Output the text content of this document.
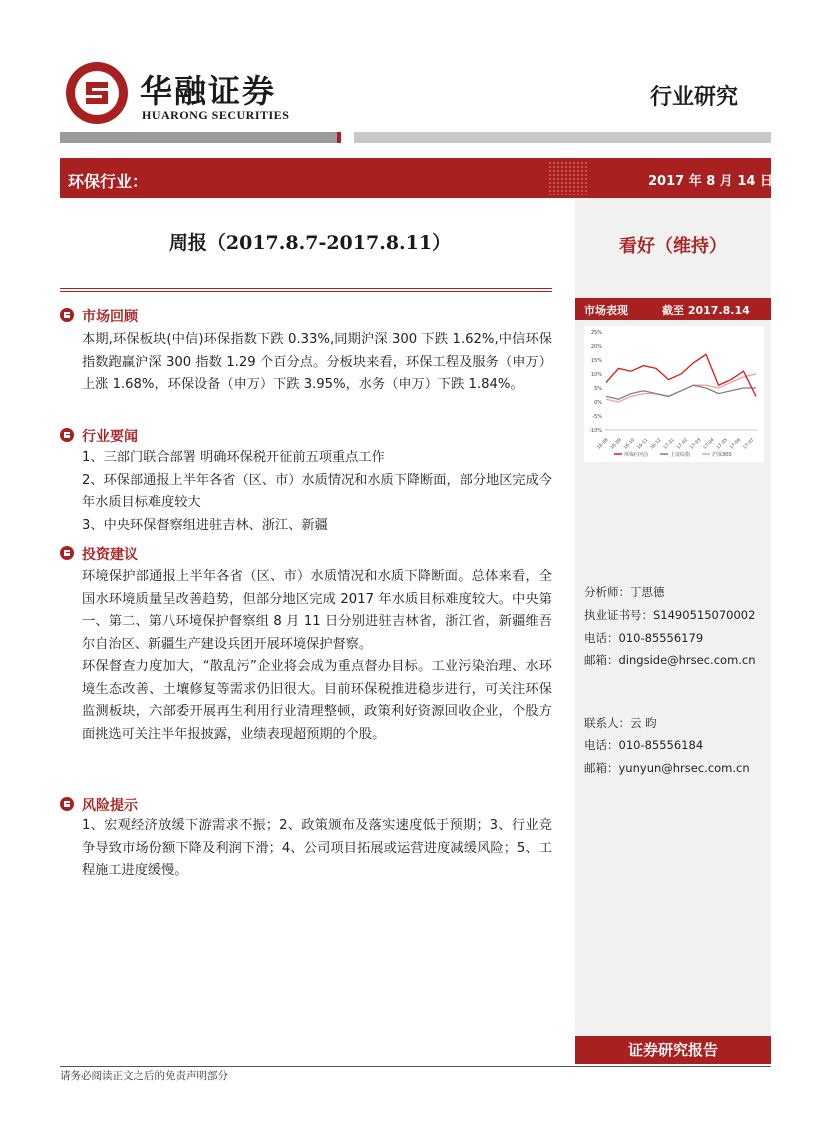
华融证券
HUARONG SECURITIES
行业研究
环保行业：	2017 年 8 月 14 日
看好（维持）
市场表现	截至 2017.8.14
25%
20%
15%
10%
5%
0%
-5%
-10%
16-08 16-09 16-10 16-11 16-12 17-01 17-02 17-03 17-04 17-05 17-06 17-07
环保(中信)	上证综指	沪深300
分析师：丁思德
执业证书号：S1490515070002
电话：010-85556179
邮箱：dingside@hrsec.com.cn
联系人：云 昀
电话：010-85556184
邮箱：yunyun@hrsec.com.cn
证券研究报告
周报（2017.8.7-2017.8.11）
市场回顾

本期,环保板块(中信)环保指数下跌 0.33%,同期沪深 300 下跌 1.62%,中信环保指数跑赢沪深 300 指数 1.29 个百分点。分板块来看，环保工程及服务（申万）上涨 1.68%，环保设备（申万）下跌 3.95%，水务（申万）下跌 1.84%。

行业要闻

1、三部门联合部署 明确环保税开征前五项重点工作

2、环保部通报上半年各省（区、市）水质情况和水质下降断面，部分地区完成今年水质目标难度较大

3、中央环保督察组进驻吉林、浙江、新疆

投资建议

环境保护部通报上半年各省（区、市）水质情况和水质下降断面。总体来看，全国水环境质量呈改善趋势，但部分地区完成 2017 年水质目标难度较大。中央第一、第二、第八环境保护督察组 8 月 11 日分别进驻吉林省，浙江省，新疆维吾尔自治区、新疆生产建设兵团开展环境保护督察。

环保督查力度加大，“散乱污”企业将会成为重点督办目标。工业污染治理、水环境生态改善、土壤修复等需求仍旧很大。目前环保税推进稳步进行，可关注环保监测板块，六部委开展再生利用行业清理整顿，政策利好资源回收企业，个股方面挑选可关注半年报披露，业绩表现超预期的个股。

风险提示

1、宏观经济放缓下游需求不振；2、政策颁布及落实速度低于预期；3、行业竞争导致市场份额下降及利润下滑；4、公司项目拓展或运营进度减缓风险；5、工程施工进度缓慢。

请务必阅读正文之后的免责声明部分
